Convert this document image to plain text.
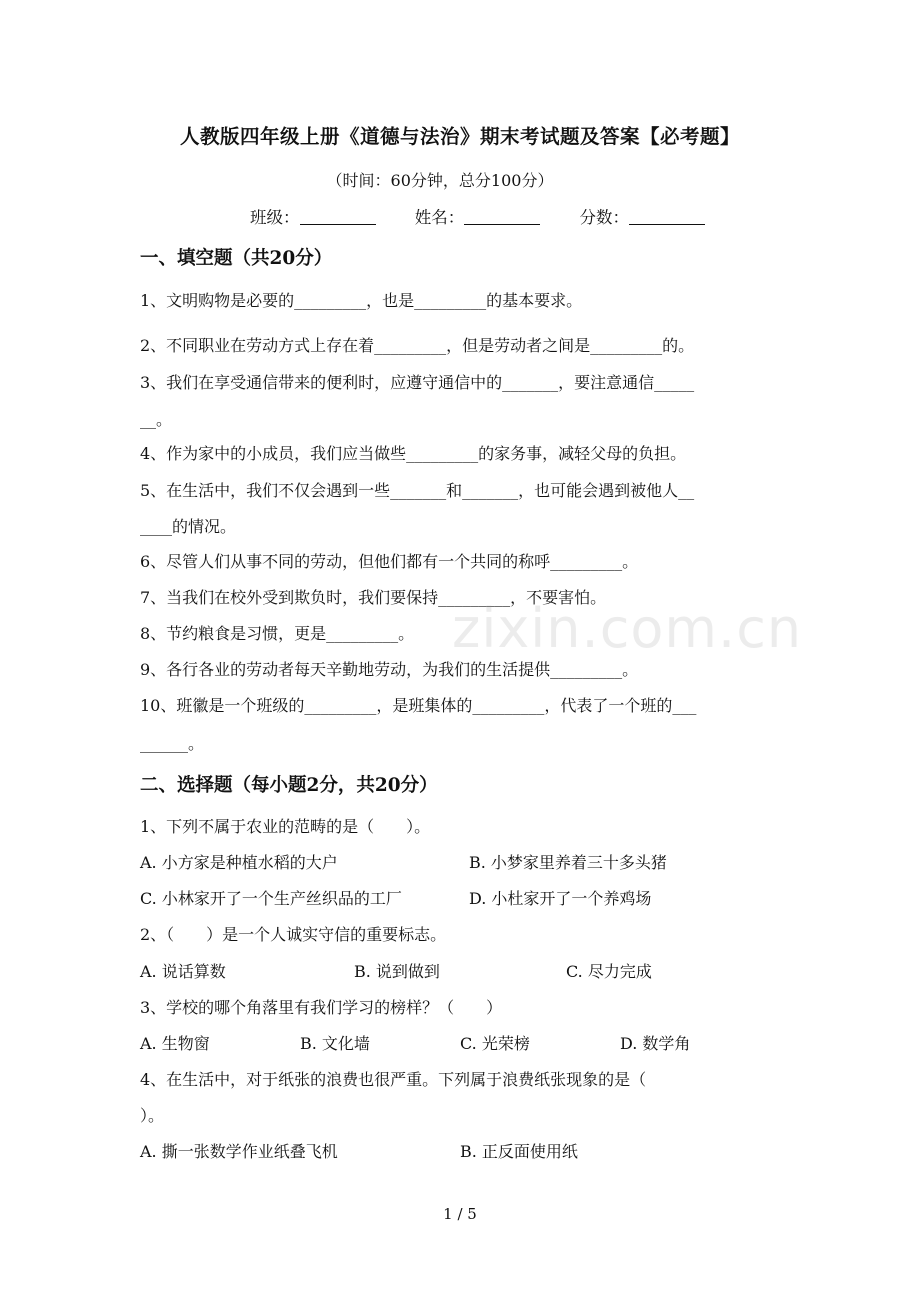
人教版四年级上册《道德与法治》期末考试题及答案【必考题】
（时间：60分钟，总分100分）
班级：	姓名：	分数：
一、填空题（共20分）
1、文明购物是必要的_________，也是_________的基本要求。
2、不同职业在劳动方式上存在着_________，但是劳动者之间是_________的。
3、我们在享受通信带来的便利时，应遵守通信中的_______，要注意通信_____
__。
4、作为家中的小成员，我们应当做些_________的家务事，减轻父母的负担。
5、在生活中，我们不仅会遇到一些_______和_______，也可能会遇到被他人__
____的情况。
6、尽管人们从事不同的劳动，但他们都有一个共同的称呼_________。
7、当我们在校外受到欺负时，我们要保持_________，不要害怕。
8、节约粮食是习惯，更是_________。
9、各行各业的劳动者每天辛勤地劳动，为我们的生活提供_________。
10、班徽是一个班级的_________，是班集体的_________，代表了一个班的___
______。
二、选择题（每小题2分，共20分）
1、下列不属于农业的范畴的是（　　）。
A. 小方家是种植水稻的大户	B. 小梦家里养着三十多头猪
C. 小林家开了一个生产丝织品的工厂	D. 小杜家开了一个养鸡场
2、（　　）是一个人诚实守信的重要标志。
A. 说话算数	B. 说到做到	C. 尽力完成
3、学校的哪个角落里有我们学习的榜样？（　　）
A. 生物窗	B. 文化墙	C. 光荣榜	D. 数学角
4、在生活中，对于纸张的浪费也很严重。下列属于浪费纸张现象的是（
）。
A. 撕一张数学作业纸叠飞机	B. 正反面使用纸
zixin.com.cn
1 / 5
